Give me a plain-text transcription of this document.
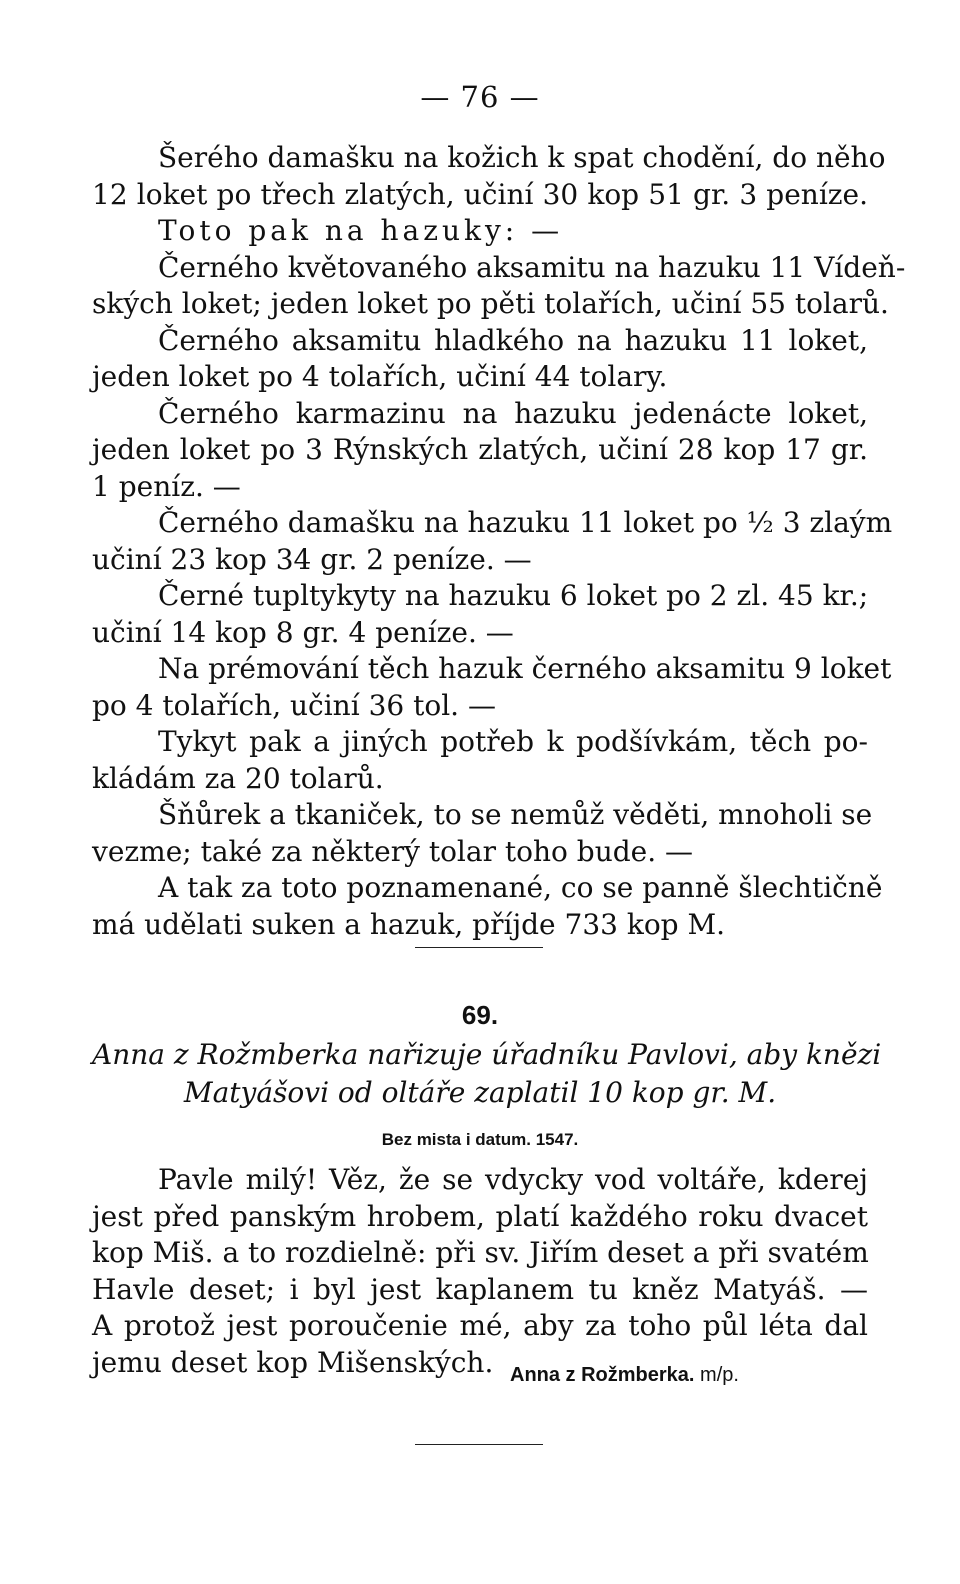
— 76 —
Šerého damašku na kožich k spat chodění, do něho
12 loket po třech zlatých, učiní 30 kop 51 gr. 3 peníze.
Toto pak na hazuky: —
Černého květovaného aksamitu na hazuku 11 Vídeň-
ských loket; jeden loket po pěti tolařích, učiní 55 tolarů.
Černého aksamitu hladkého na hazuku 11 loket,
jeden loket po 4 tolařích, učiní 44 tolary.
Černého karmazinu na hazuku jedenácte loket,
jeden loket po 3 Rýnských zlatých, učiní 28 kop 17 gr.
1 peníz. —
Černého damašku na hazuku 11 loket po ½ 3 zlaým
učiní 23 kop 34 gr. 2 peníze. —
Černé tupltykyty na hazuku 6 loket po 2 zl. 45 kr.;
učiní 14 kop 8 gr. 4 peníze. —
Na prémování těch hazuk černého aksamitu 9 loket
po 4 tolařích, učiní 36 tol. —
Tykyt pak a jiných potřeb k podšívkám, těch po-
kládám za 20 tolarů.
Šňůrek a tkaniček, to se nemůž věděti, mnoholi se
vezme; také za některý tolar toho bude. —
A tak za toto poznamenané, co se panně šlechtičně
má udělati suken a hazuk, příjde 733 kop M.
69.
Anna z Rožmberka nařizuje úřadníku Pavlovi, aby knězi
Matyášovi od oltáře zaplatil 10 kop gr. M.
Bez mista i datum. 1547.
Pavle milý! Věz, že se vdycky vod voltáře, kderej
jest před panským hrobem, platí každého roku dvacet
kop Miš. a to rozdielně: při sv. Jiřím deset a při svatém
Havle deset; i byl jest kaplanem tu kněz Matyáš. —
A protož jest poroučenie mé, aby za toho půl léta dal
jemu deset kop Mišenských. Anna z Rožmberka. m/p.
